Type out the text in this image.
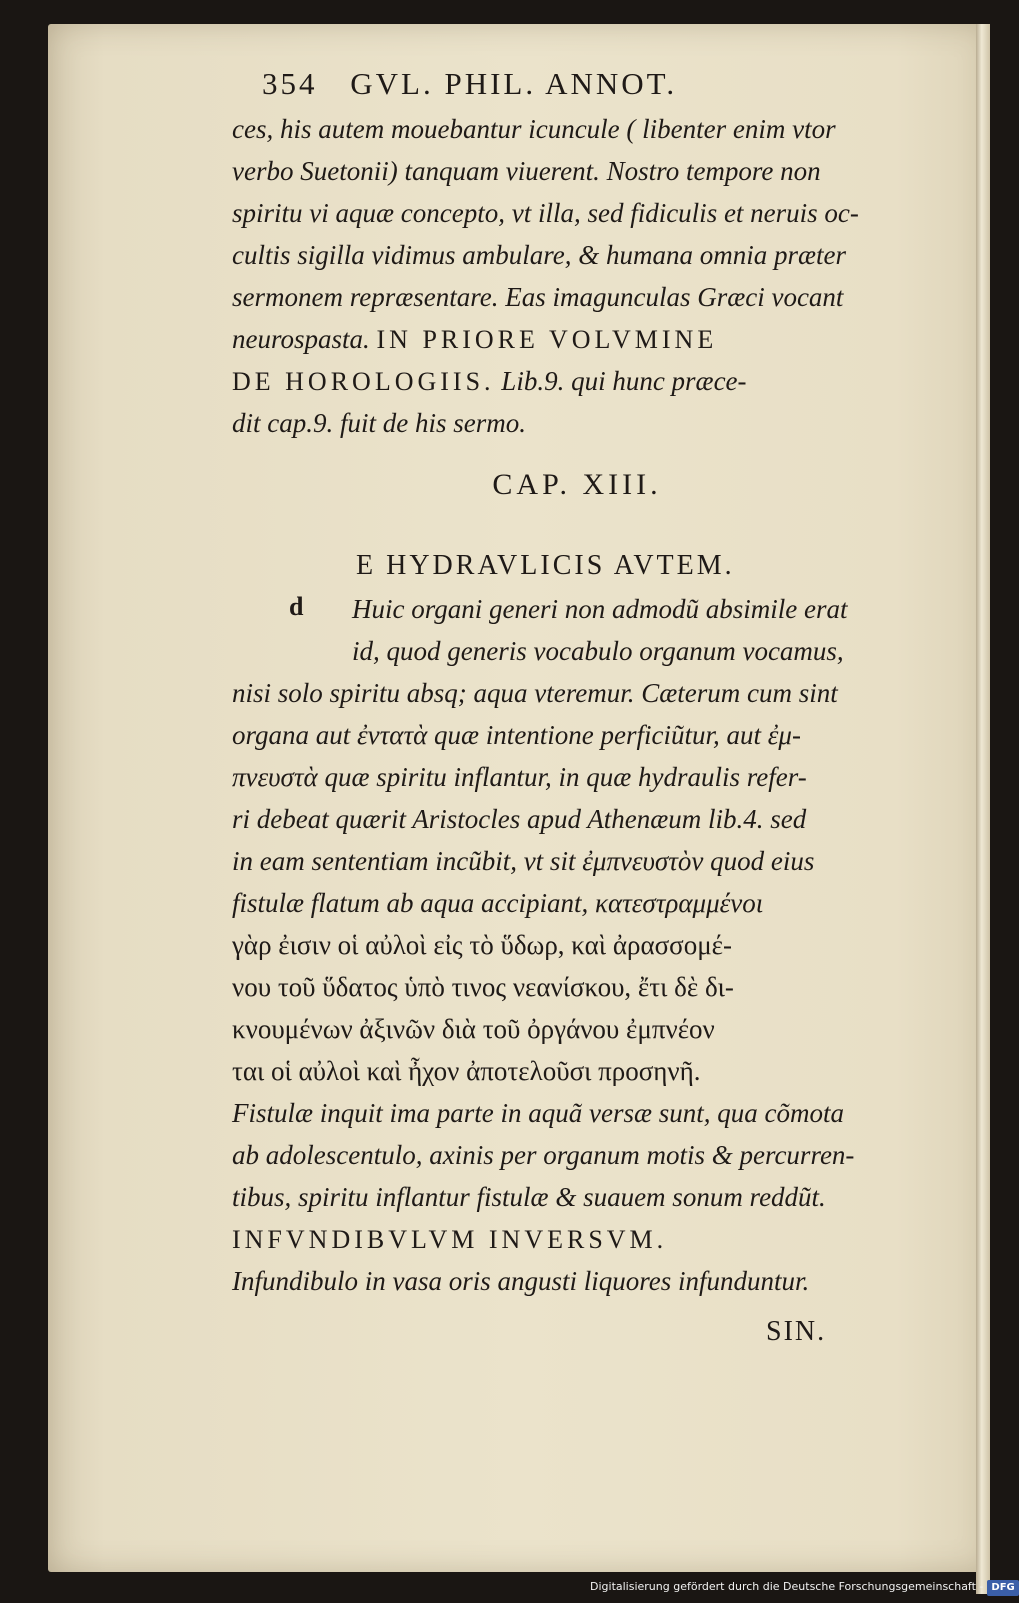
354 GVL. PHIL. ANNOT.
ces, his autem mouebantur icuncule ( libenter enim vtor
verbo Suetonii) tanquam viuerent. Nostro tempore non
spiritu vi aquæ concepto, vt illa, sed fidiculis et neruis oc-
cultis sigilla vidimus ambulare, & humana omnia præter
sermonem repræsentare. Eas imagunculas Græci vocant
neurospasta. IN PRIORE VOLVMINE
DE HOROLOGIIS. Lib.9. qui hunc præce-
dit cap.9. fuit de his sermo.
CAP. XIII.
E HYDRAVLICIS AVTEM.
d	Huic organi generi non admodũ absimile erat
id, quod generis vocabulo organum vocamus,
nisi solo spiritu absq; aqua vteremur. Cæterum cum sint
organa aut ἐντατὰ quæ intentione perficiũtur, aut ἐμ-
πνευστὰ quæ spiritu inflantur, in quæ hydraulis refer-
ri debeat quærit Aristocles apud Athenæum lib.4. sed
in eam sententiam incũbit, vt sit ἐμπνευστὸν quod eius
fistulæ flatum ab aqua accipiant, κατεστραμμένοι
γὰρ ἐισιν οἱ αὐλοὶ εἰς τὸ ὕδωρ, καὶ ἀρασσομέ-
νου τοῦ ὕδατος ὑπὸ τινος νεανίσκου, ἔτι δὲ δι-
κνουμένων ἀξινῶν διὰ τοῦ ὀργάνου ἐμπνέον
ται οἱ αὐλοὶ καὶ ἦχον ἀποτελοῦσι προσηνῆ.
Fistulæ inquit ima parte in aquã versæ sunt, qua cõmota
ab adolescentulo, axinis per organum motis & percurren-
tibus, spiritu inflantur fistulæ & suauem sonum reddũt.
INFVNDIBVLVM INVERSVM.
Infundibulo in vasa oris angusti liquores infunduntur.
SIN.
Digitalisierung gefördert durch die Deutsche Forschungsgemeinschaft - DFG
